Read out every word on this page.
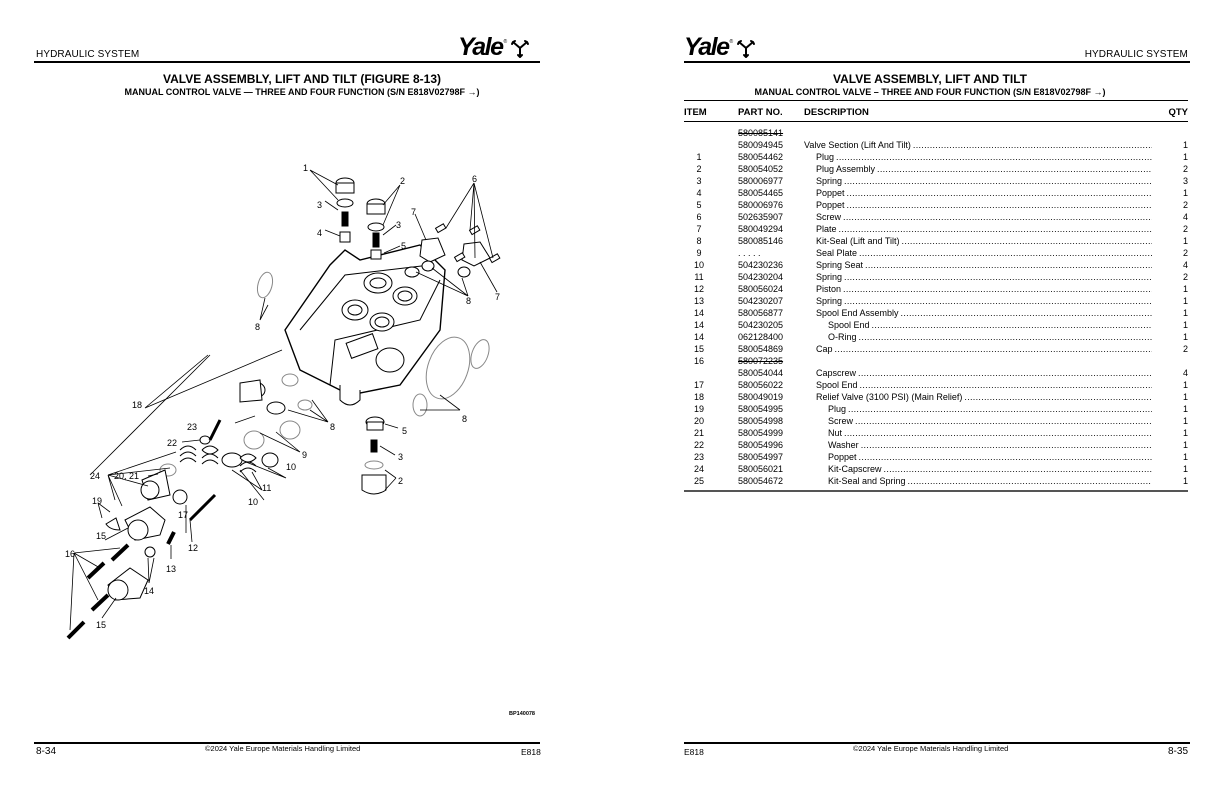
HYDRAULIC SYSTEM	Yale ®
VALVE ASSEMBLY, LIFT AND TILT (FIGURE 8-13)
MANUAL CONTROL VALVE — THREE AND FOUR FUNCTION (S/N E818V02798F →)
1
2	6
3
7
3
4
5
8	7
8
18
8
23	8	5
22
9	3
10
24 20, 21	2
11
19	10
17
15
12
16
13
14
15
BP140078
8-34	©2024 Yale Europe Materials Handling Limited	E818
Yale ®
HYDRAULIC SYSTEM
VALVE ASSEMBLY, LIFT AND TILT
MANUAL CONTROL VALVE – THREE AND FOUR FUNCTION (S/N E818V02798F →)
ITEM	PART NO. DESCRIPTION	QTY
580085141
580094945 Valve Section (Lift And Tilt) .....	1
1	580054462	Plug .....	1
2	580054052	Plug Assembly .....	2
3	580006977	Spring .....	3
4	580054465	Poppet .....	1
5	580006976	Poppet .....	2
6	502635907	Screw .....	4
7	580049294	Plate .....	2
8	580085146	Kit-Seal (Lift and Tilt) .....	1
9	. . . . .	Seal Plate .....	2
10	504230236	Spring Seat .....	4
11	504230204	Spring .....	2
12	580056024	Piston .....	1
13	504230207	Spring .....	1
14	580056877	Spool End Assembly .....	1
14	504230205	Spool End .....	1
14	062128400	O-Ring .....	1
15	580054869	Cap .....	2
16	580072235
580054044	Capscrew .....	4
17	580056022	Spool End .....	1
18	580049019	Relief Valve (3100 PSI) (Main Relief) .....	1
19	580054995	Plug .....	1
20	580054998	Screw .....	1
21	580054999	Nut .....	1
22	580054996	Washer .....	1
23	580054997	Poppet .....	1
24	580056021	Kit-Capscrew .....	1
25	580054672	Kit-Seal and Spring .....	1
E818	©2024 Yale Europe Materials Handling Limited	8-35
